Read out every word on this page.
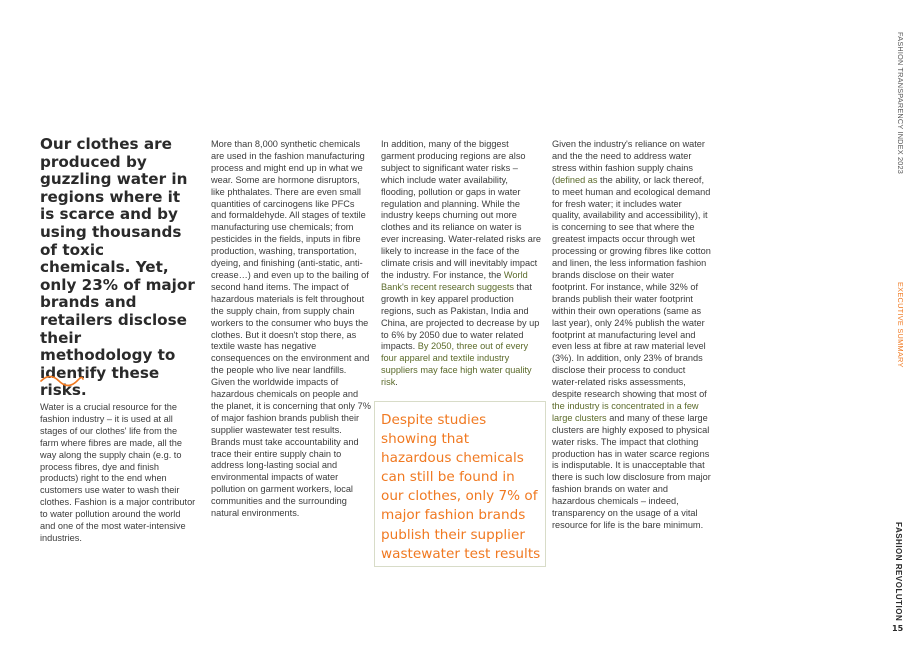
Our clothes are produced by guzzling water in regions where it is scarce and by using thousands of toxic chemicals. Yet, only 23% of major brands and retailers disclose their methodology to identify these risks.

Water is a crucial resource for the fashion industry – it is used at all stages of our clothes' life from the farm where fibres are made, all the way along the supply chain (e.g. to process fibres, dye and finish products) right to the end when customers use water to wash their clothes. Fashion is a major contributor to water pollution around the world and one of the most water-intensive industries.

More than 8,000 synthetic chemicals are used in the fashion manufacturing process and might end up in what we wear. Some are hormone disruptors, like phthalates. There are even small quantities of carcinogens like PFCs and formaldehyde. All stages of textile manufacturing use chemicals; from pesticides in the fields, inputs in fibre production, washing, transportation, dyeing, and finishing (anti-static, anti-crease…) and even up to the bailing of second hand items. The impact of hazardous materials is felt throughout the supply chain, from supply chain workers to the consumer who buys the clothes. But it doesn't stop there, as textile waste has negative consequences on the environment and the people who live near landfills. Given the worldwide impacts of hazardous chemicals on people and the planet, it is concerning that only 7% of major fashion brands publish their supplier wastewater test results. Brands must take accountability and trace their entire supply chain to address long-lasting social and environmental impacts of water pollution on garment workers, local communities and the surrounding natural environments.

In addition, many of the biggest garment producing regions are also subject to significant water risks – which include water availability, flooding, pollution or gaps in water regulation and planning. While the industry keeps churning out more clothes and its reliance on water is ever increasing. Water-related risks are likely to increase in the face of the climate crisis and will inevitably impact the industry. For instance, the World Bank's recent research suggests that growth in key apparel production regions, such as Pakistan, India and China, are projected to decrease by up to 6% by 2050 due to water related impacts. By 2050, three out of every four apparel and textile industry suppliers may face high water quality risk.

Despite studies showing that hazardous chemicals can still be found in our clothes, only 7% of major fashion brands publish their supplier wastewater test results

Given the industry's reliance on water and the the need to address water stress within fashion supply chains (defined as the ability, or lack thereof, to meet human and ecological demand for fresh water; it includes water quality, availability and accessibility), it is concerning to see that where the greatest impacts occur through wet processing or growing fibres like cotton and linen, the less information fashion brands disclose on their water footprint. For instance, while 32% of brands publish their water footprint within their own operations (same as last year), only 24% publish the water footprint at manufacturing level and even less at fibre at raw material level (3%). In addition, only 23% of brands disclose their process to conduct water-related risks assessments, despite research showing that most of the industry is concentrated in a few large clusters and many of these large clusters are highly exposed to physical water risks. The impact that clothing production has in water scarce regions is indisputable. It is unacceptable that there is such low disclosure from major fashion brands on water and hazardous chemicals – indeed, transparency on the usage of a vital resource for life is the bare minimum.

FASHION TRANSPARENCY INDEX 2023
EXECUTIVE SUMMARY
FASHION REVOLUTION
15
